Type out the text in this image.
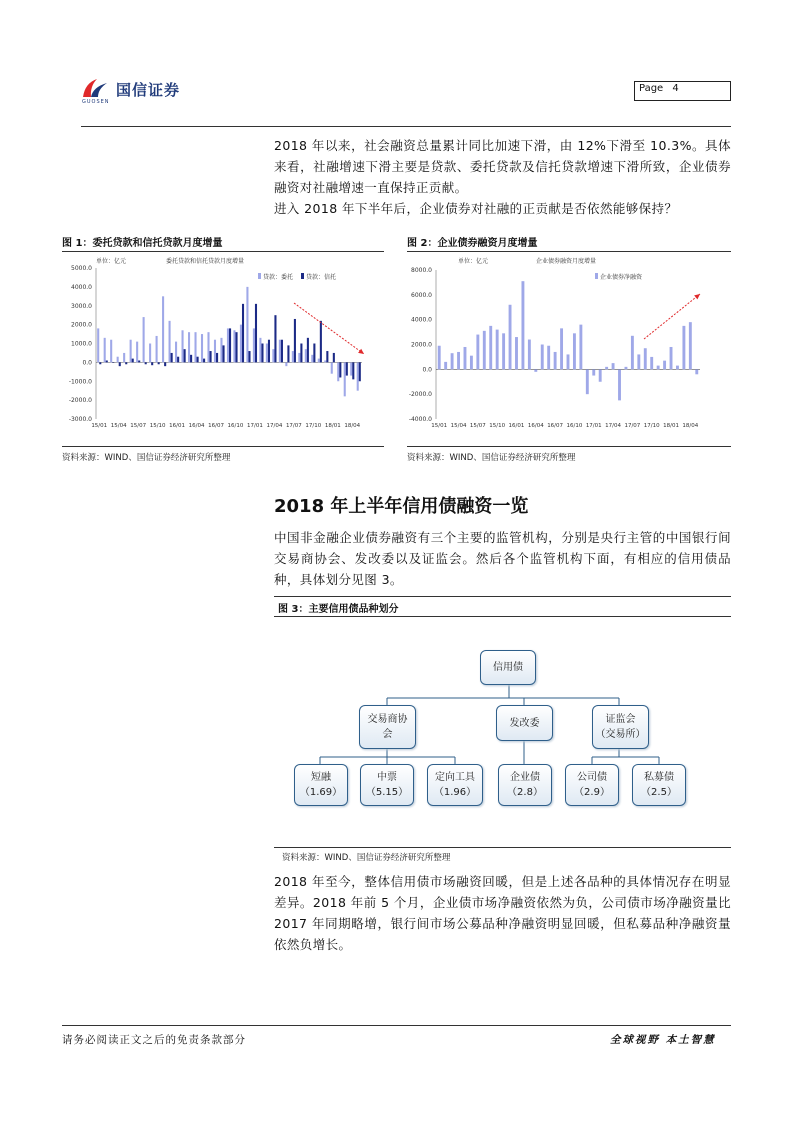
国信证券
GUOSEN
Page 4
2018 年以来，社会融资总量累计同比加速下滑，由 12%下滑至 10.3%。具体来看，社融增速下滑主要是贷款、委托贷款及信托贷款增速下滑所致，企业债券融资对社融增速一直保持正贡献。
进入 2018 年下半年后，企业债券对社融的正贡献是否依然能够保持？
图 1：委托贷款和信托贷款月度增量
单位：亿元	委托贷款和信托贷款月度增量
5000.0
4000.0
3000.0
2000.0
1000.0
0.0
-1000.0
-2000.0
-3000.0
15/01 15/04 15/07 15/10 16/01 16/04 16/07 16/10 17/01 17/04 17/07 17/10 18/01 18/04
贷款：委托 贷款：信托
资料来源：WIND、国信证券经济研究所整理
图 2：企业债券融资月度增量
单位：亿元	企业债券融资月度增量
8000.0
6000.0
4000.0
2000.0
0.0
-2000.0
-4000.0
15/01 15/04 15/07 15/10 16/01 16/04 16/07 16/10 17/01 17/04 17/07 17/10 18/01 18/04
企业债券净融资
资料来源：WIND、国信证券经济研究所整理
2018 年上半年信用债融资一览
中国非金融企业债券融资有三个主要的监管机构，分别是央行主管的中国银行间交易商协会、发改委以及证监会。然后各个监管机构下面，有相应的信用债品种，具体划分见图 3。
图 3：主要信用债品种划分
信用债
交易商协
会
发改委	证监会
（交易所）
短融
（1.69）
中票
（5.15）
定向工具
（1.96）
企业债
（2.8）
公司债
（2.9）
私募债
（2.5）
资料来源：WIND、国信证券经济研究所整理
2018 年至今，整体信用债市场融资回暖，但是上述各品种的具体情况存在明显差异。2018 年前 5 个月，企业债市场净融资依然为负，公司债市场净融资量比 2017 年同期略增，银行间市场公募品种净融资明显回暖，但私募品种净融资量依然负增长。
请务必阅读正文之后的免责条款部分	全球视野 本土智慧
